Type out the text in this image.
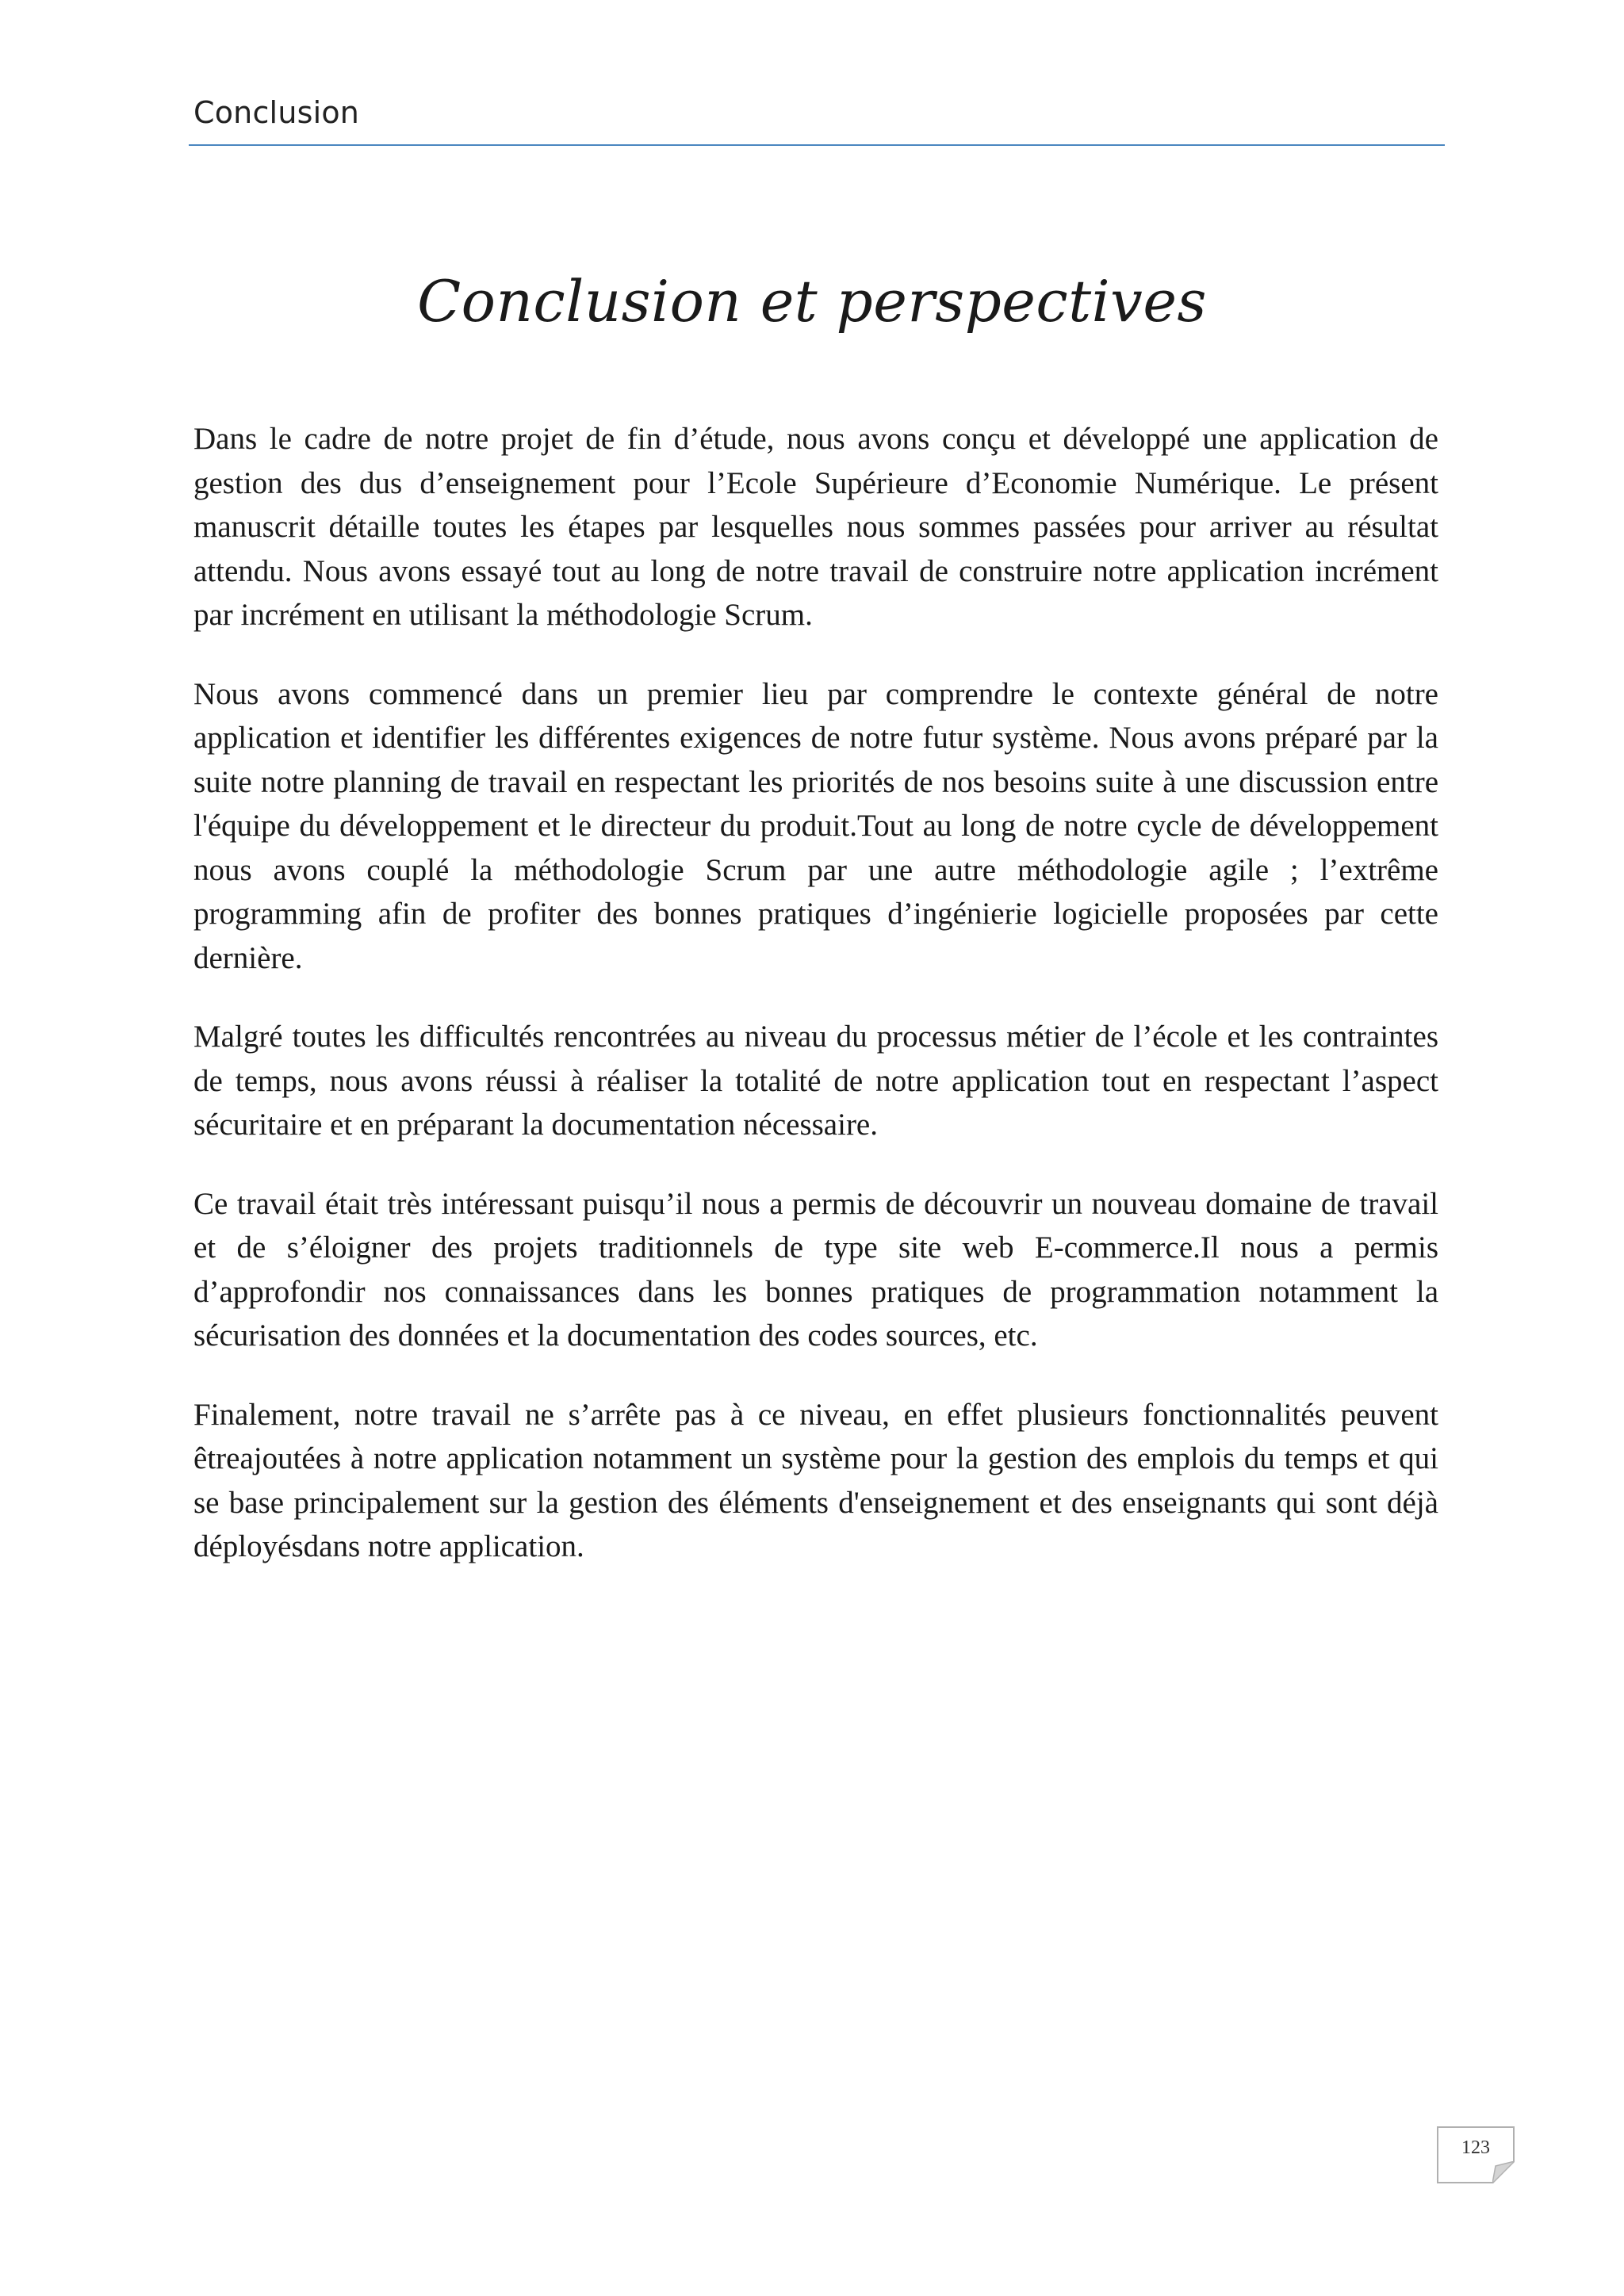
Conclusion
Conclusion et perspectives

Dans le cadre de notre projet de fin d’étude, nous avons conçu et développé une application de gestion des dus d’enseignement pour l’Ecole Supérieure d’Economie Numérique. Le présent manuscrit détaille toutes les étapes par lesquelles nous sommes passées pour arriver au résultat attendu. Nous avons essayé tout au long de notre travail de construire notre application incrément par incrément en utilisant la méthodologie Scrum.

Nous avons commencé dans un premier lieu par comprendre le contexte général de notre application et identifier les différentes exigences de notre futur système. Nous avons préparé par la suite notre planning de travail en respectant les priorités de nos besoins suite à une discussion entre l'équipe du développement et le directeur du produit.Tout au long de notre cycle de développement nous avons couplé la méthodologie Scrum par une autre méthodologie agile ; l’extrême programming afin de profiter des bonnes pratiques d’ingénierie logicielle proposées par cette dernière.

Malgré toutes les difficultés rencontrées au niveau du processus métier de l’école et les contraintes de temps, nous avons réussi à réaliser la totalité de notre application tout en respectant l’aspect sécuritaire et en préparant la documentation nécessaire.

Ce travail était très intéressant puisqu’il nous a permis de découvrir un nouveau domaine de travail et de s’éloigner des projets traditionnels de type site web E-commerce.Il nous a permis d’approfondir nos connaissances dans les bonnes pratiques de programmation notamment la sécurisation des données et la documentation des codes sources, etc.

Finalement, notre travail ne s’arrête pas à ce niveau, en effet plusieurs fonctionnalités peuvent êtreajoutées à notre application notamment un système pour la gestion des emplois du temps et qui se base principalement sur la gestion des éléments d'enseignement et des enseignants qui sont déjà déployésdans notre application.

123
